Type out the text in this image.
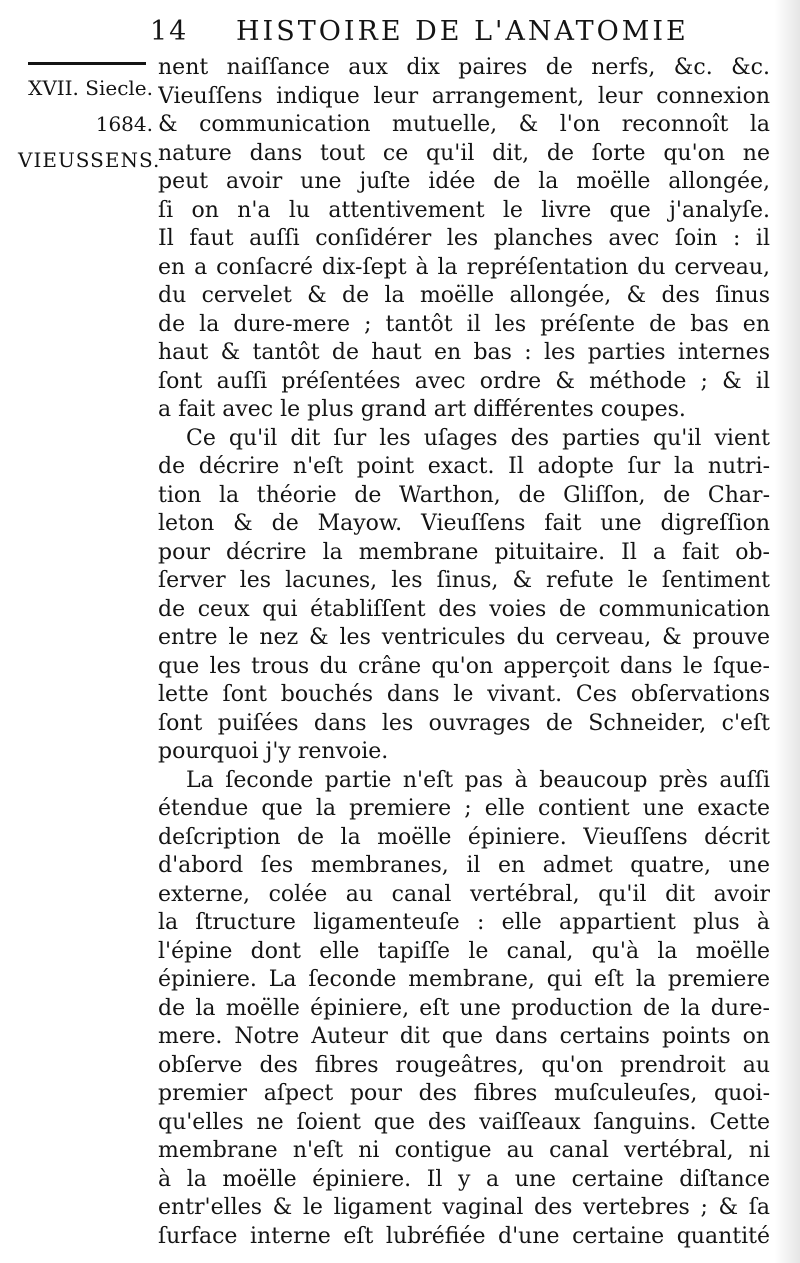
14 HISTOIRE DE L'ANATOMIE
XVII. Siecle.
1684.
VIEUSSENS.
nent naiſſance aux dix paires de nerfs, &c. &c.
Vieuſſens indique leur arrangement, leur connexion
& communication mutuelle, & l'on reconnoît la
nature dans tout ce qu'il dit, de ſorte qu'on ne
peut avoir une juſte idée de la moëlle allongée,
ſi on n'a lu attentivement le livre que j'analyſe.
Il faut auſſi conſidérer les planches avec ſoin : il
en a conſacré dix-ſept à la repréſentation du cerveau,
du cervelet & de la moëlle allongée, & des ſinus
de la dure-mere ; tantôt il les préſente de bas en
haut & tantôt de haut en bas : les parties internes
ſont auſſi préſentées avec ordre & méthode ; & il
a fait avec le plus grand art différentes coupes.
Ce qu'il dit ſur les uſages des parties qu'il vient
de décrire n'eſt point exact. Il adopte ſur la nutri-
tion la théorie de Warthon, de Gliſſon, de Char-
leton & de Mayow. Vieuſſens fait une digreſſion
pour décrire la membrane pituitaire. Il a fait ob-
ſerver les lacunes, les ſinus, & refute le ſentiment
de ceux qui établiſſent des voies de communication
entre le nez & les ventricules du cerveau, & prouve
que les trous du crâne qu'on apperçoit dans le ſque-
lette ſont bouchés dans le vivant. Ces obſervations
ſont puiſées dans les ouvrages de Schneider, c'eſt
pourquoi j'y renvoie.
La ſeconde partie n'eſt pas à beaucoup près auſſi
étendue que la premiere ; elle contient une exacte
deſcription de la moëlle épiniere. Vieuſſens décrit
d'abord ſes membranes, il en admet quatre, une
externe, colée au canal vertébral, qu'il dit avoir
la ſtructure ligamenteuſe : elle appartient plus à
l'épine dont elle tapiſſe le canal, qu'à la moëlle
épiniere. La ſeconde membrane, qui eſt la premiere
de la moëlle épiniere, eſt une production de la dure-
mere. Notre Auteur dit que dans certains points on
obſerve des fibres rougeâtres, qu'on prendroit au
premier aſpect pour des fibres muſculeuſes, quoi-
qu'elles ne ſoient que des vaiſſeaux ſanguins. Cette
membrane n'eſt ni contigue au canal vertébral, ni
à la moëlle épiniere. Il y a une certaine diſtance
entr'elles & le ligament vaginal des vertebres ; & ſa
ſurface interne eſt lubréfiée d'une certaine quantité
